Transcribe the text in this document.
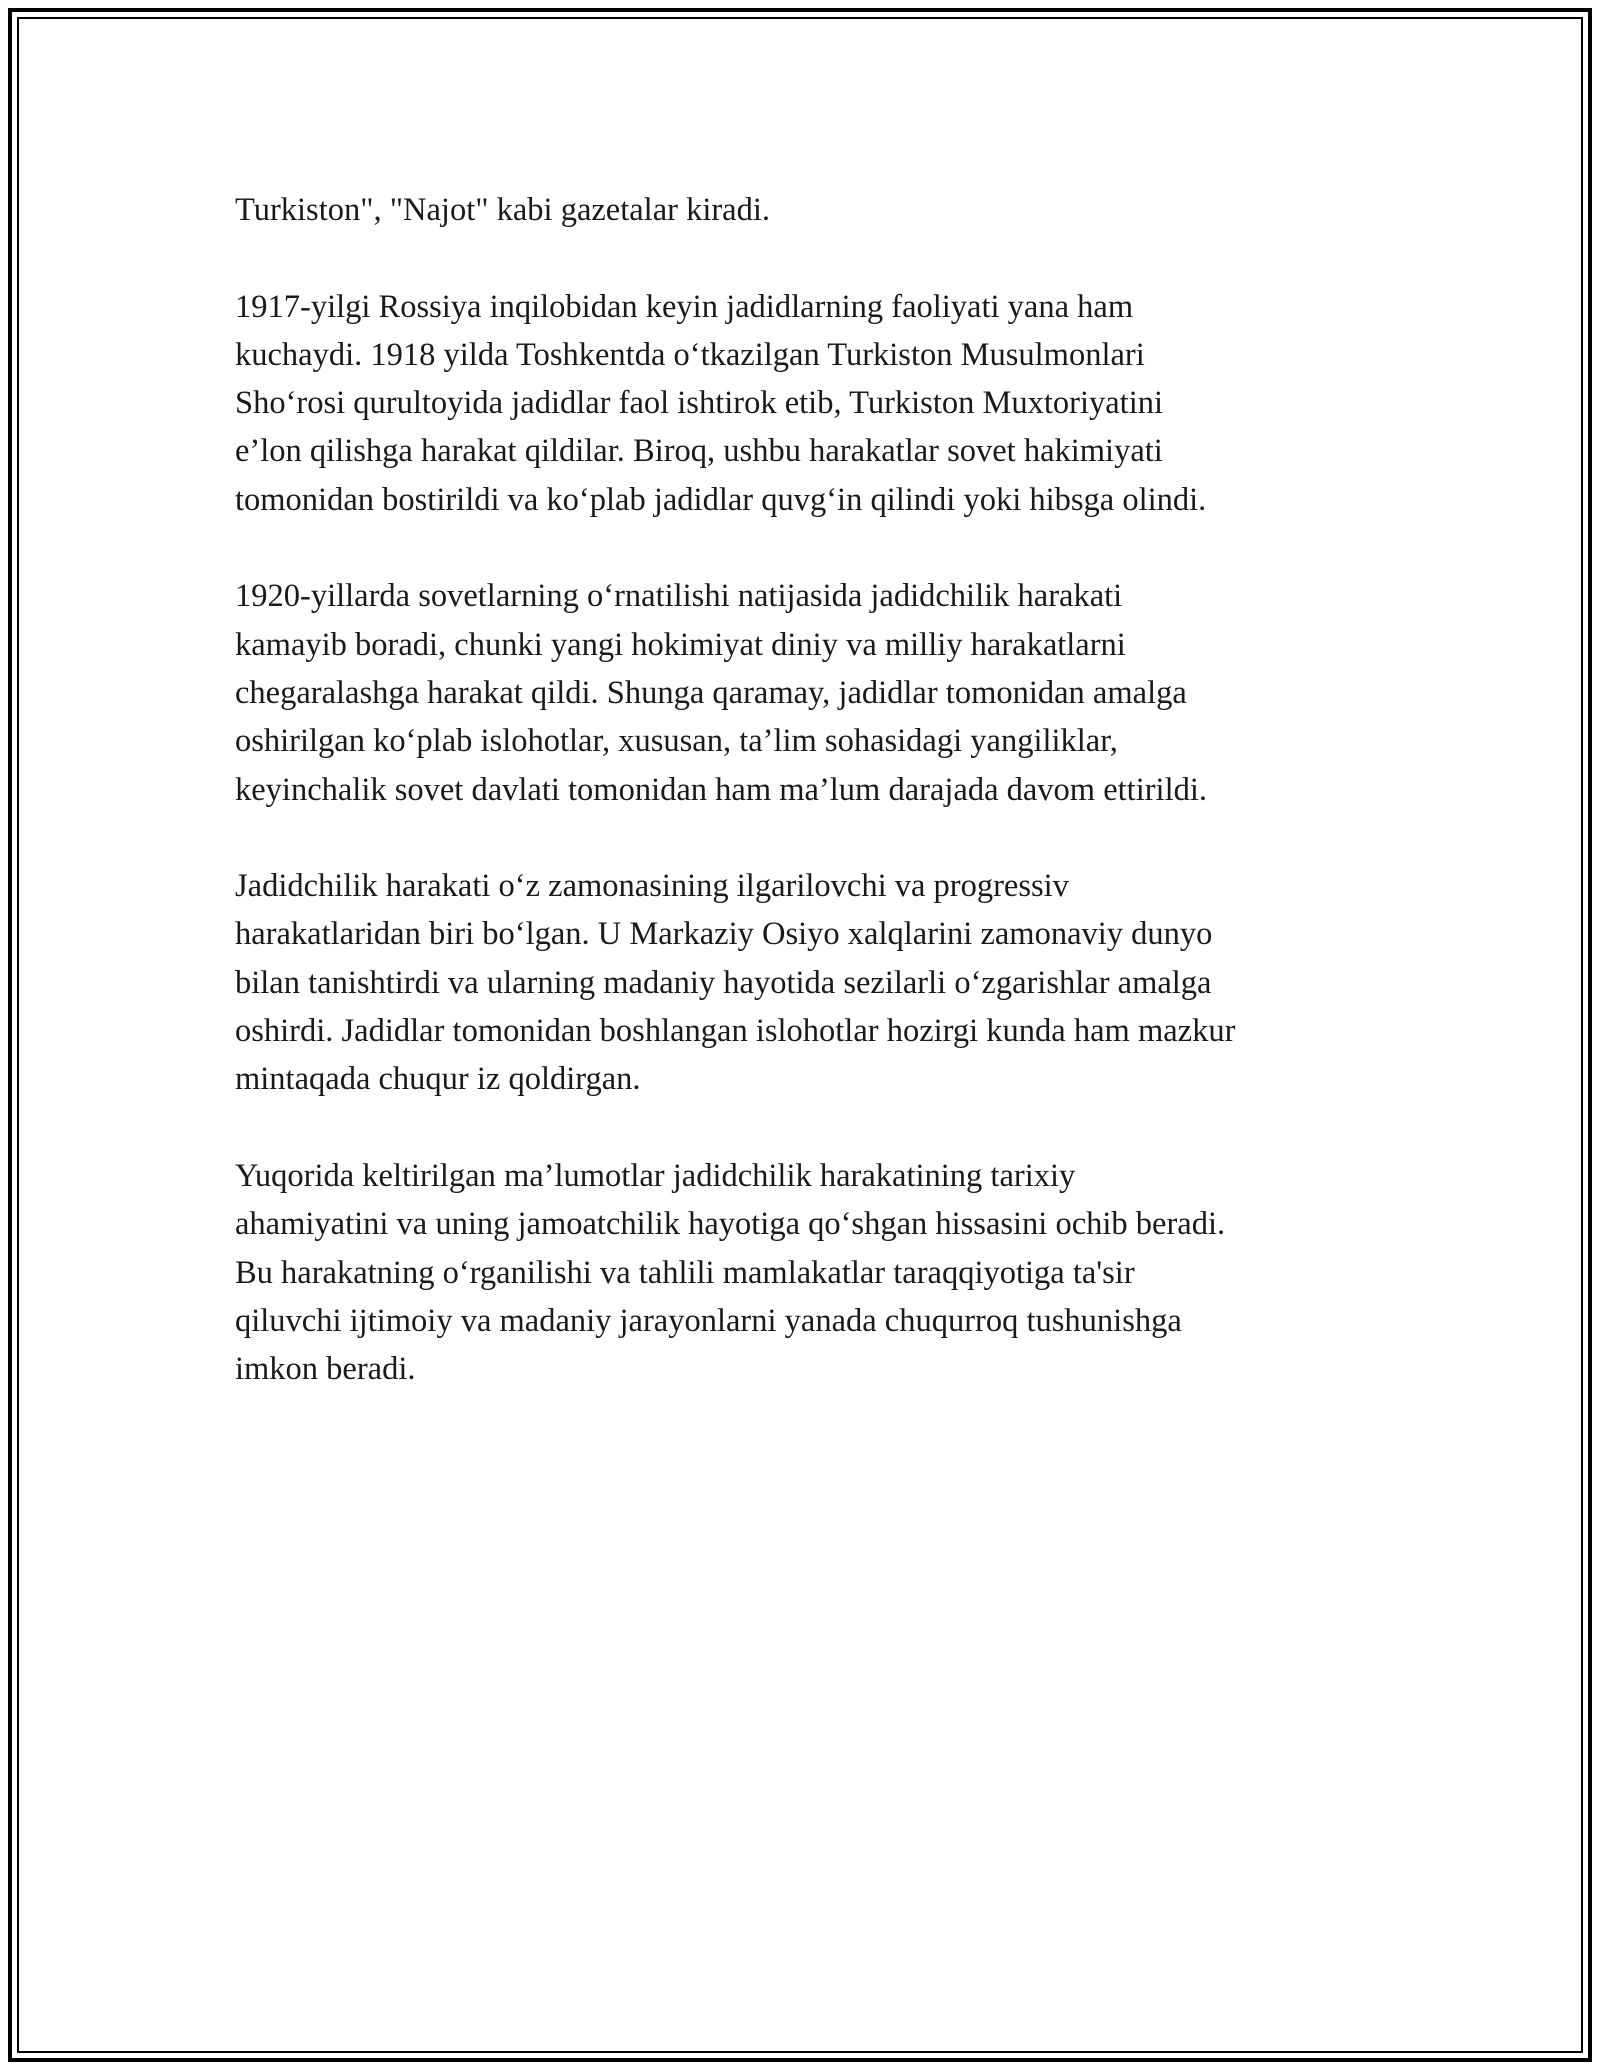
Turkiston", "Najot" kabi gazetalar kiradi.

1917-yilgi Rossiya inqilobidan keyin jadidlarning faoliyati yana ham
kuchaydi. 1918 yilda Toshkentda o‘tkazilgan Turkiston Musulmonlari
Sho‘rosi qurultoyida jadidlar faol ishtirok etib, Turkiston Muxtoriyatini
e’lon qilishga harakat qildilar. Biroq, ushbu harakatlar sovet hakimiyati
tomonidan bostirildi va ko‘plab jadidlar quvg‘in qilindi yoki hibsga olindi.

1920-yillarda sovetlarning o‘rnatilishi natijasida jadidchilik harakati
kamayib boradi, chunki yangi hokimiyat diniy va milliy harakatlarni
chegaralashga harakat qildi. Shunga qaramay, jadidlar tomonidan amalga
oshirilgan ko‘plab islohotlar, xususan, ta’lim sohasidagi yangiliklar,
keyinchalik sovet davlati tomonidan ham ma’lum darajada davom ettirildi.

Jadidchilik harakati o‘z zamonasining ilgarilovchi va progressiv
harakatlaridan biri bo‘lgan. U Markaziy Osiyo xalqlarini zamonaviy dunyo
bilan tanishtirdi va ularning madaniy hayotida sezilarli o‘zgarishlar amalga
oshirdi. Jadidlar tomonidan boshlangan islohotlar hozirgi kunda ham mazkur
mintaqada chuqur iz qoldirgan.

Yuqorida keltirilgan ma’lumotlar jadidchilik harakatining tarixiy
ahamiyatini va uning jamoatchilik hayotiga qo‘shgan hissasini ochib beradi.
Bu harakatning o‘rganilishi va tahlili mamlakatlar taraqqiyotiga ta'sir
qiluvchi ijtimoiy va madaniy jarayonlarni yanada chuqurroq tushunishga
imkon beradi.
